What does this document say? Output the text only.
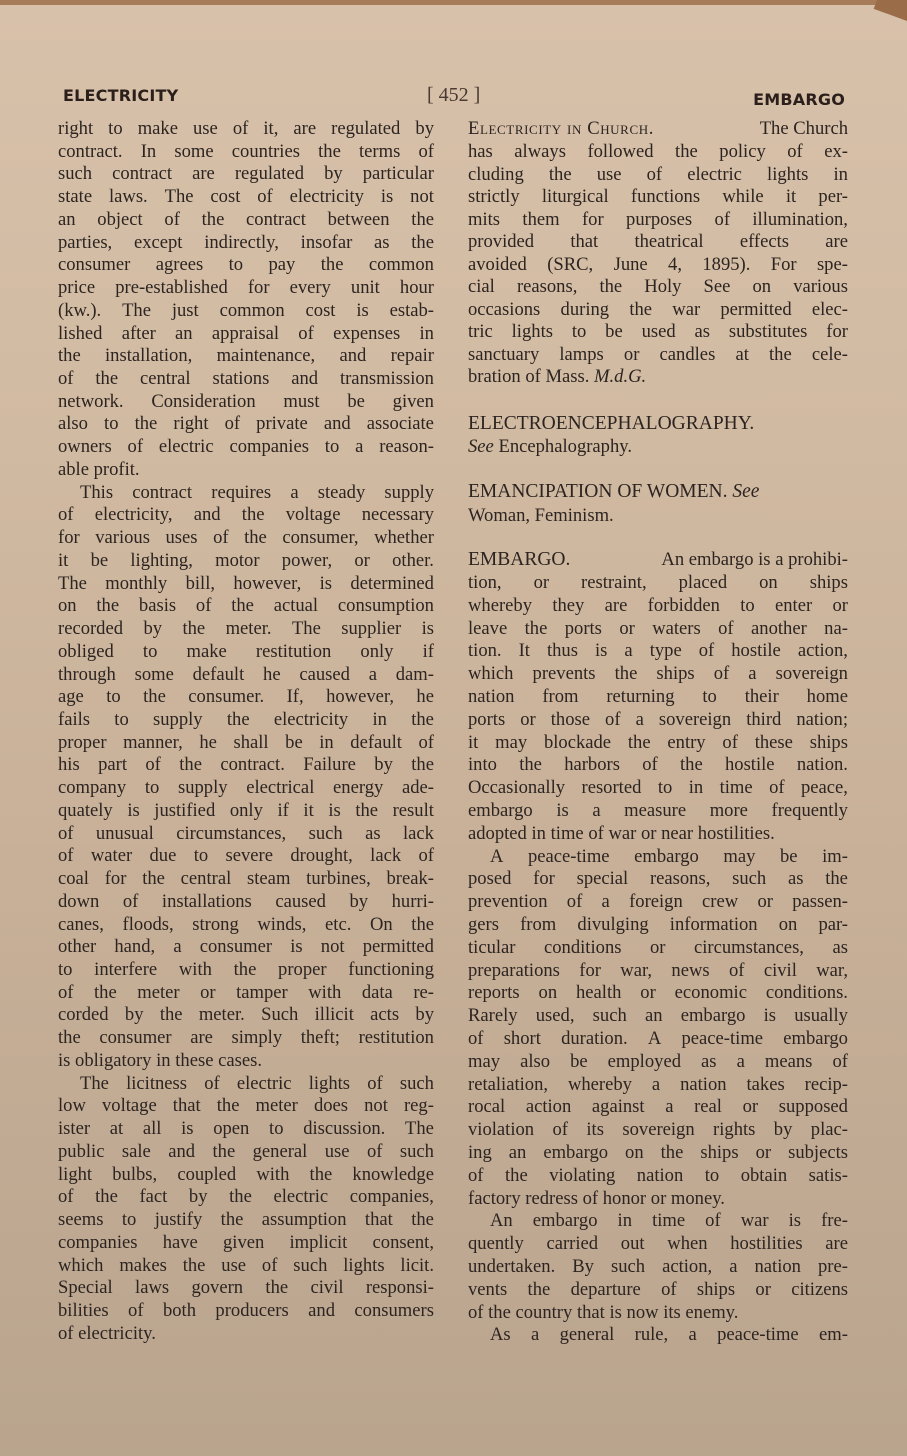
ELECTRICITY	[ 452 ]	EMBARGO
right to make use of it, are regulated by
contract. In some countries the terms of
such contract are regulated by particular
state laws. The cost of electricity is not
an object of the contract between the
parties, except indirectly, insofar as the
consumer agrees to pay the common
price pre-established for every unit hour
(kw.). The just common cost is estab-
lished after an appraisal of expenses in
the installation, maintenance, and repair
of the central stations and transmission
network. Consideration must be given
also to the right of private and associate
owners of electric companies to a reason-
able profit.
This contract requires a steady supply
of electricity, and the voltage necessary
for various uses of the consumer, whether
it be lighting, motor power, or other.
The monthly bill, however, is determined
on the basis of the actual consumption
recorded by the meter. The supplier is
obliged to make restitution only if
through some default he caused a dam-
age to the consumer. If, however, he
fails to supply the electricity in the
proper manner, he shall be in default of
his part of the contract. Failure by the
company to supply electrical energy ade-
quately is justified only if it is the result
of unusual circumstances, such as lack
of water due to severe drought, lack of
coal for the central steam turbines, break-
down of installations caused by hurri-
canes, floods, strong winds, etc. On the
other hand, a consumer is not permitted
to interfere with the proper functioning
of the meter or tamper with data re-
corded by the meter. Such illicit acts by
the consumer are simply theft; restitution
is obligatory in these cases.
The licitness of electric lights of such
low voltage that the meter does not reg-
ister at all is open to discussion. The
public sale and the general use of such
light bulbs, coupled with the knowledge
of the fact by the electric companies,
seems to justify the assumption that the
companies have given implicit consent,
which makes the use of such lights licit.
Special laws govern the civil responsi-
bilities of both producers and consumers
of electricity.
Electricity in Church.	The Church
bration of Mass. M.d.G.
ELECTROENCEPHALOGRAPHY.
See Encephalography.
EMANCIPATION OF WOMEN. See
Woman, Feminism.
EMBARGO.	An embargo is a prohibi-
has always followed the policy of ex-
cluding the use of electric lights in
strictly liturgical functions while it per-
mits them for purposes of illumination,
provided that theatrical effects are
avoided (SRC, June 4, 1895). For spe-
cial reasons, the Holy See on various
occasions during the war permitted elec-
tric lights to be used as substitutes for
sanctuary lamps or candles at the cele-
tion, or restraint, placed on ships
whereby they are forbidden to enter or
leave the ports or waters of another na-
tion. It thus is a type of hostile action,
which prevents the ships of a sovereign
nation from returning to their home
ports or those of a sovereign third nation;
it may blockade the entry of these ships
into the harbors of the hostile nation.
Occasionally resorted to in time of peace,
embargo is a measure more frequently
adopted in time of war or near hostilities.
A peace-time embargo may be im-
posed for special reasons, such as the
prevention of a foreign crew or passen-
gers from divulging information on par-
ticular conditions or circumstances, as
preparations for war, news of civil war,
reports on health or economic conditions.
Rarely used, such an embargo is usually
of short duration. A peace-time embargo
may also be employed as a means of
retaliation, whereby a nation takes recip-
rocal action against a real or supposed
violation of its sovereign rights by plac-
ing an embargo on the ships or subjects
of the violating nation to obtain satis-
factory redress of honor or money.
An embargo in time of war is fre-
quently carried out when hostilities are
undertaken. By such action, a nation pre-
vents the departure of ships or citizens
of the country that is now its enemy.
As a general rule, a peace-time em-
